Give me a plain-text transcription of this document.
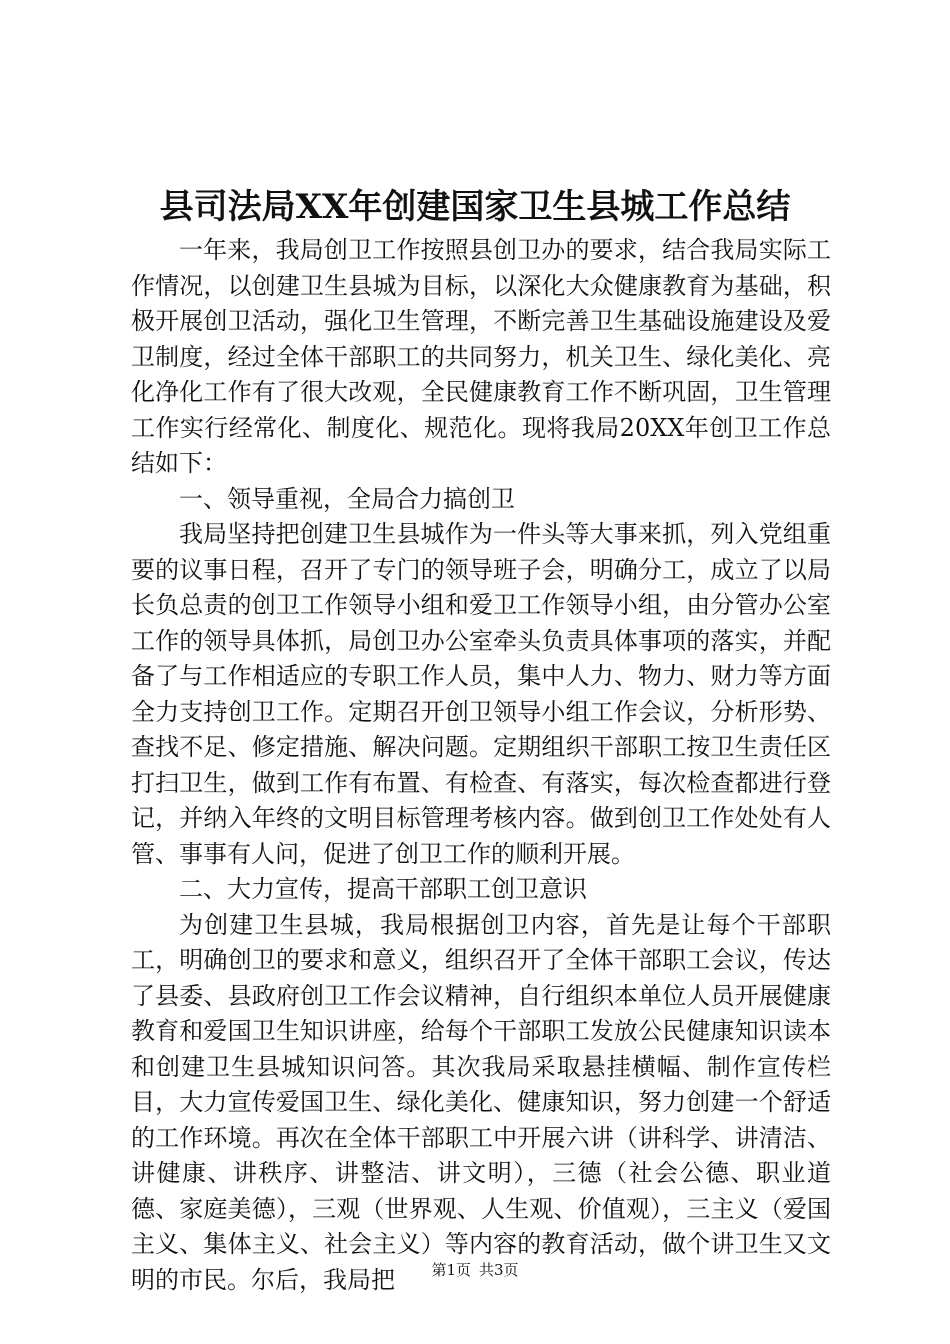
县司法局XX年创建国家卫生县城工作总结

一年来，我局创卫工作按照县创卫办的要求，结合我局实际工作情况，以创建卫生县城为目标，以深化大众健康教育为基础，积极开展创卫活动，强化卫生管理，不断完善卫生基础设施建设及爱卫制度，经过全体干部职工的共同努力，机关卫生、绿化美化、亮化净化工作有了很大改观，全民健康教育工作不断巩固，卫生管理工作实行经常化、制度化、规范化。现将我局20XX年创卫工作总结如下：

一、领导重视，全局合力搞创卫

我局坚持把创建卫生县城作为一件头等大事来抓，列入党组重要的议事日程，召开了专门的领导班子会，明确分工，成立了以局长负总责的创卫工作领导小组和爱卫工作领导小组，由分管办公室工作的领导具体抓，局创卫办公室牵头负责具体事项的落实，并配备了与工作相适应的专职工作人员，集中人力、物力、财力等方面全力支持创卫工作。定期召开创卫领导小组工作会议，分析形势、查找不足、修定措施、解决问题。定期组织干部职工按卫生责任区打扫卫生，做到工作有布置、有检查、有落实，每次检查都进行登记，并纳入年终的文明目标管理考核内容。做到创卫工作处处有人管、事事有人问，促进了创卫工作的顺利开展。

二、大力宣传，提高干部职工创卫意识

为创建卫生县城，我局根据创卫内容，首先是让每个干部职工，明确创卫的要求和意义，组织召开了全体干部职工会议，传达了县委、县政府创卫工作会议精神，自行组织本单位人员开展健康教育和爱国卫生知识讲座，给每个干部职工发放公民健康知识读本和创建卫生县城知识问答。其次我局采取悬挂横幅、制作宣传栏目，大力宣传爱国卫生、绿化美化、健康知识，努力创建一个舒适的工作环境。再次在全体干部职工中开展六讲（讲科学、讲清洁、讲健康、讲秩序、讲整洁、讲文明），三德（社会公德、职业道德、家庭美德），三观（世界观、人生观、价值观），三主义（爱国主义、集体主义、社会主义）等内容的教育活动，做个讲卫生又文明的市民。尔后，我局把	第1页 共3页
